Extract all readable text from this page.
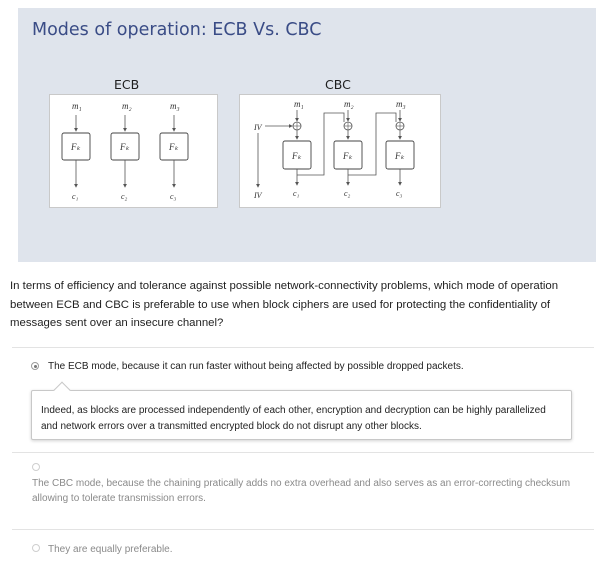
Modes of operation: ECB Vs. CBC
ECB	CBC
m₁	m₂	m₃
Fₖ	Fₖ	Fₖ
c₁	c₂	c₃
IV
IV
m₁	m₂	m₃
Fₖ	Fₖ	Fₖ
c₁	c₂	c₃
In terms of efficiency and tolerance against possible network-connectivity problems, which mode of operation between ECB and CBC is preferable to use when block ciphers are used for protecting the confidentiality of messages sent over an insecure channel?
The ECB mode, because it can run faster without being affected by possible dropped packets.
Indeed, as blocks are processed independently of each other, encryption and decryption can be highly parallelized and network errors over a transmitted encrypted block do not disrupt any other blocks.
The CBC mode, because the chaining pratically adds no extra overhead and also serves as an error-correcting checksum allowing to tolerate transmission errors.
They are equally preferable.
